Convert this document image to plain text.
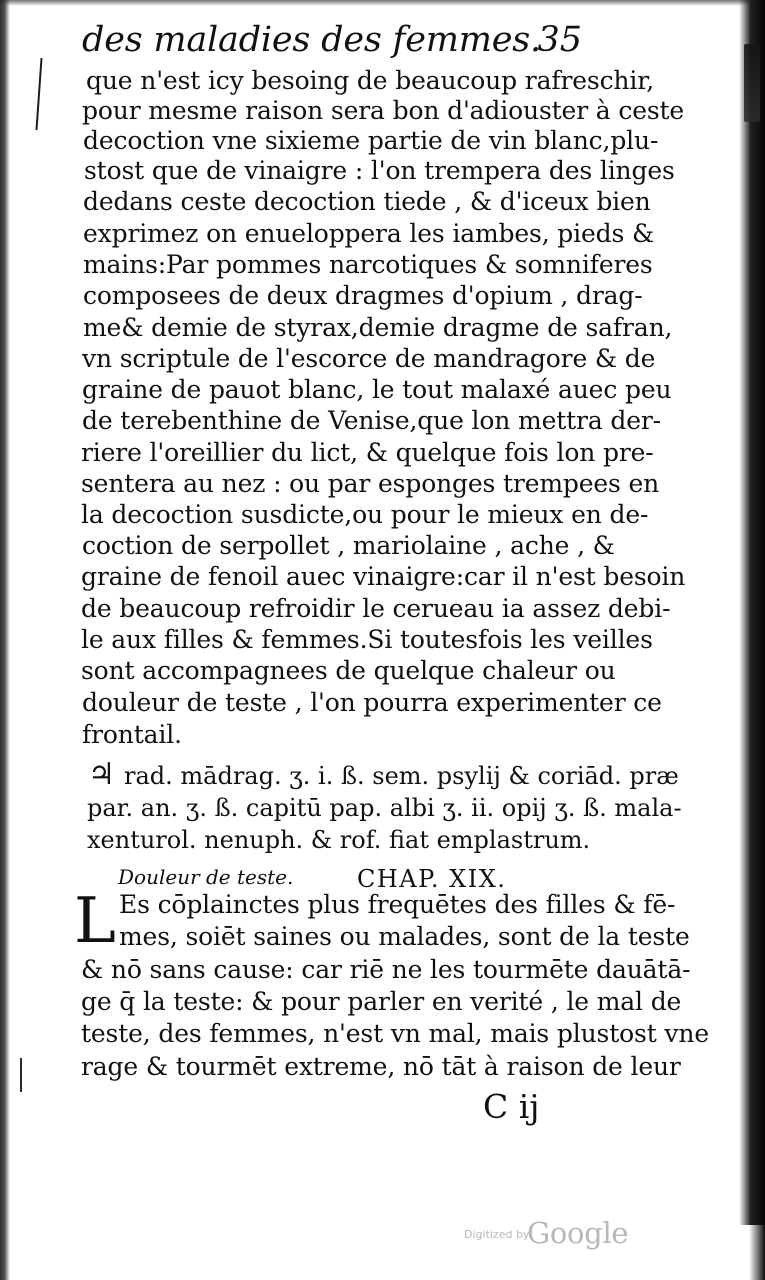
des maladies des femmes.
35
que n'est icy besoing de beaucoup rafreschir,
pour mesme raison sera bon d'adiouster à ceste
decoction vne sixieme partie de vin blanc,plu-
stost que de vinaigre : l'on trempera des linges
dedans ceste decoction tiede , & d'iceux bien
exprimez on enueloppera les iambes, pieds &
mains:Par pommes narcotiques & somniferes
composees de deux dragmes d'opium , drag-
me& demie de styrax,demie dragme de safran,
vn scriptule de l'escorce de mandragore & de
graine de pauot blanc, le tout malaxé auec peu
de terebenthine de Venise,que lon mettra der-
riere l'oreillier du lict, & quelque fois lon pre-
sentera au nez : ou par esponges trempees en
la decoction susdicte,ou pour le mieux en de-
coction de serpollet , mariolaine , ache , &
graine de fenoil auec vinaigre:car il n'est besoin
de beaucoup refroidir le cerueau ia assez debi-
le aux filles & femmes.Si toutesfois les veilles
sont accompagnees de quelque chaleur ou
douleur de teste , l'on pourra experimenter ce
frontail.
rad. mādrag. ʒ. i. ß. sem. psylij & coriād. præ
par. an. ʒ. ß. capitū pap. albi ʒ. ii. opij ʒ. ß. mala-
xenturol. nenuph. & rof. fiat emplastrum.
Es cōplainctes plus frequētes des filles & fē-
mes, soiēt saines ou malades, sont de la teste
& nō sans cause: car riē ne les tourmēte dauātā-
ge q̄ la teste: & pour parler en verité , le mal de
teste, des femmes, n'est vn mal, mais plustost vne
rage & tourmēt extreme, nō tāt à raison de leur
♃
Douleur de teste.	CHAP. XIX.
L
C ij
Digitized by
Google
